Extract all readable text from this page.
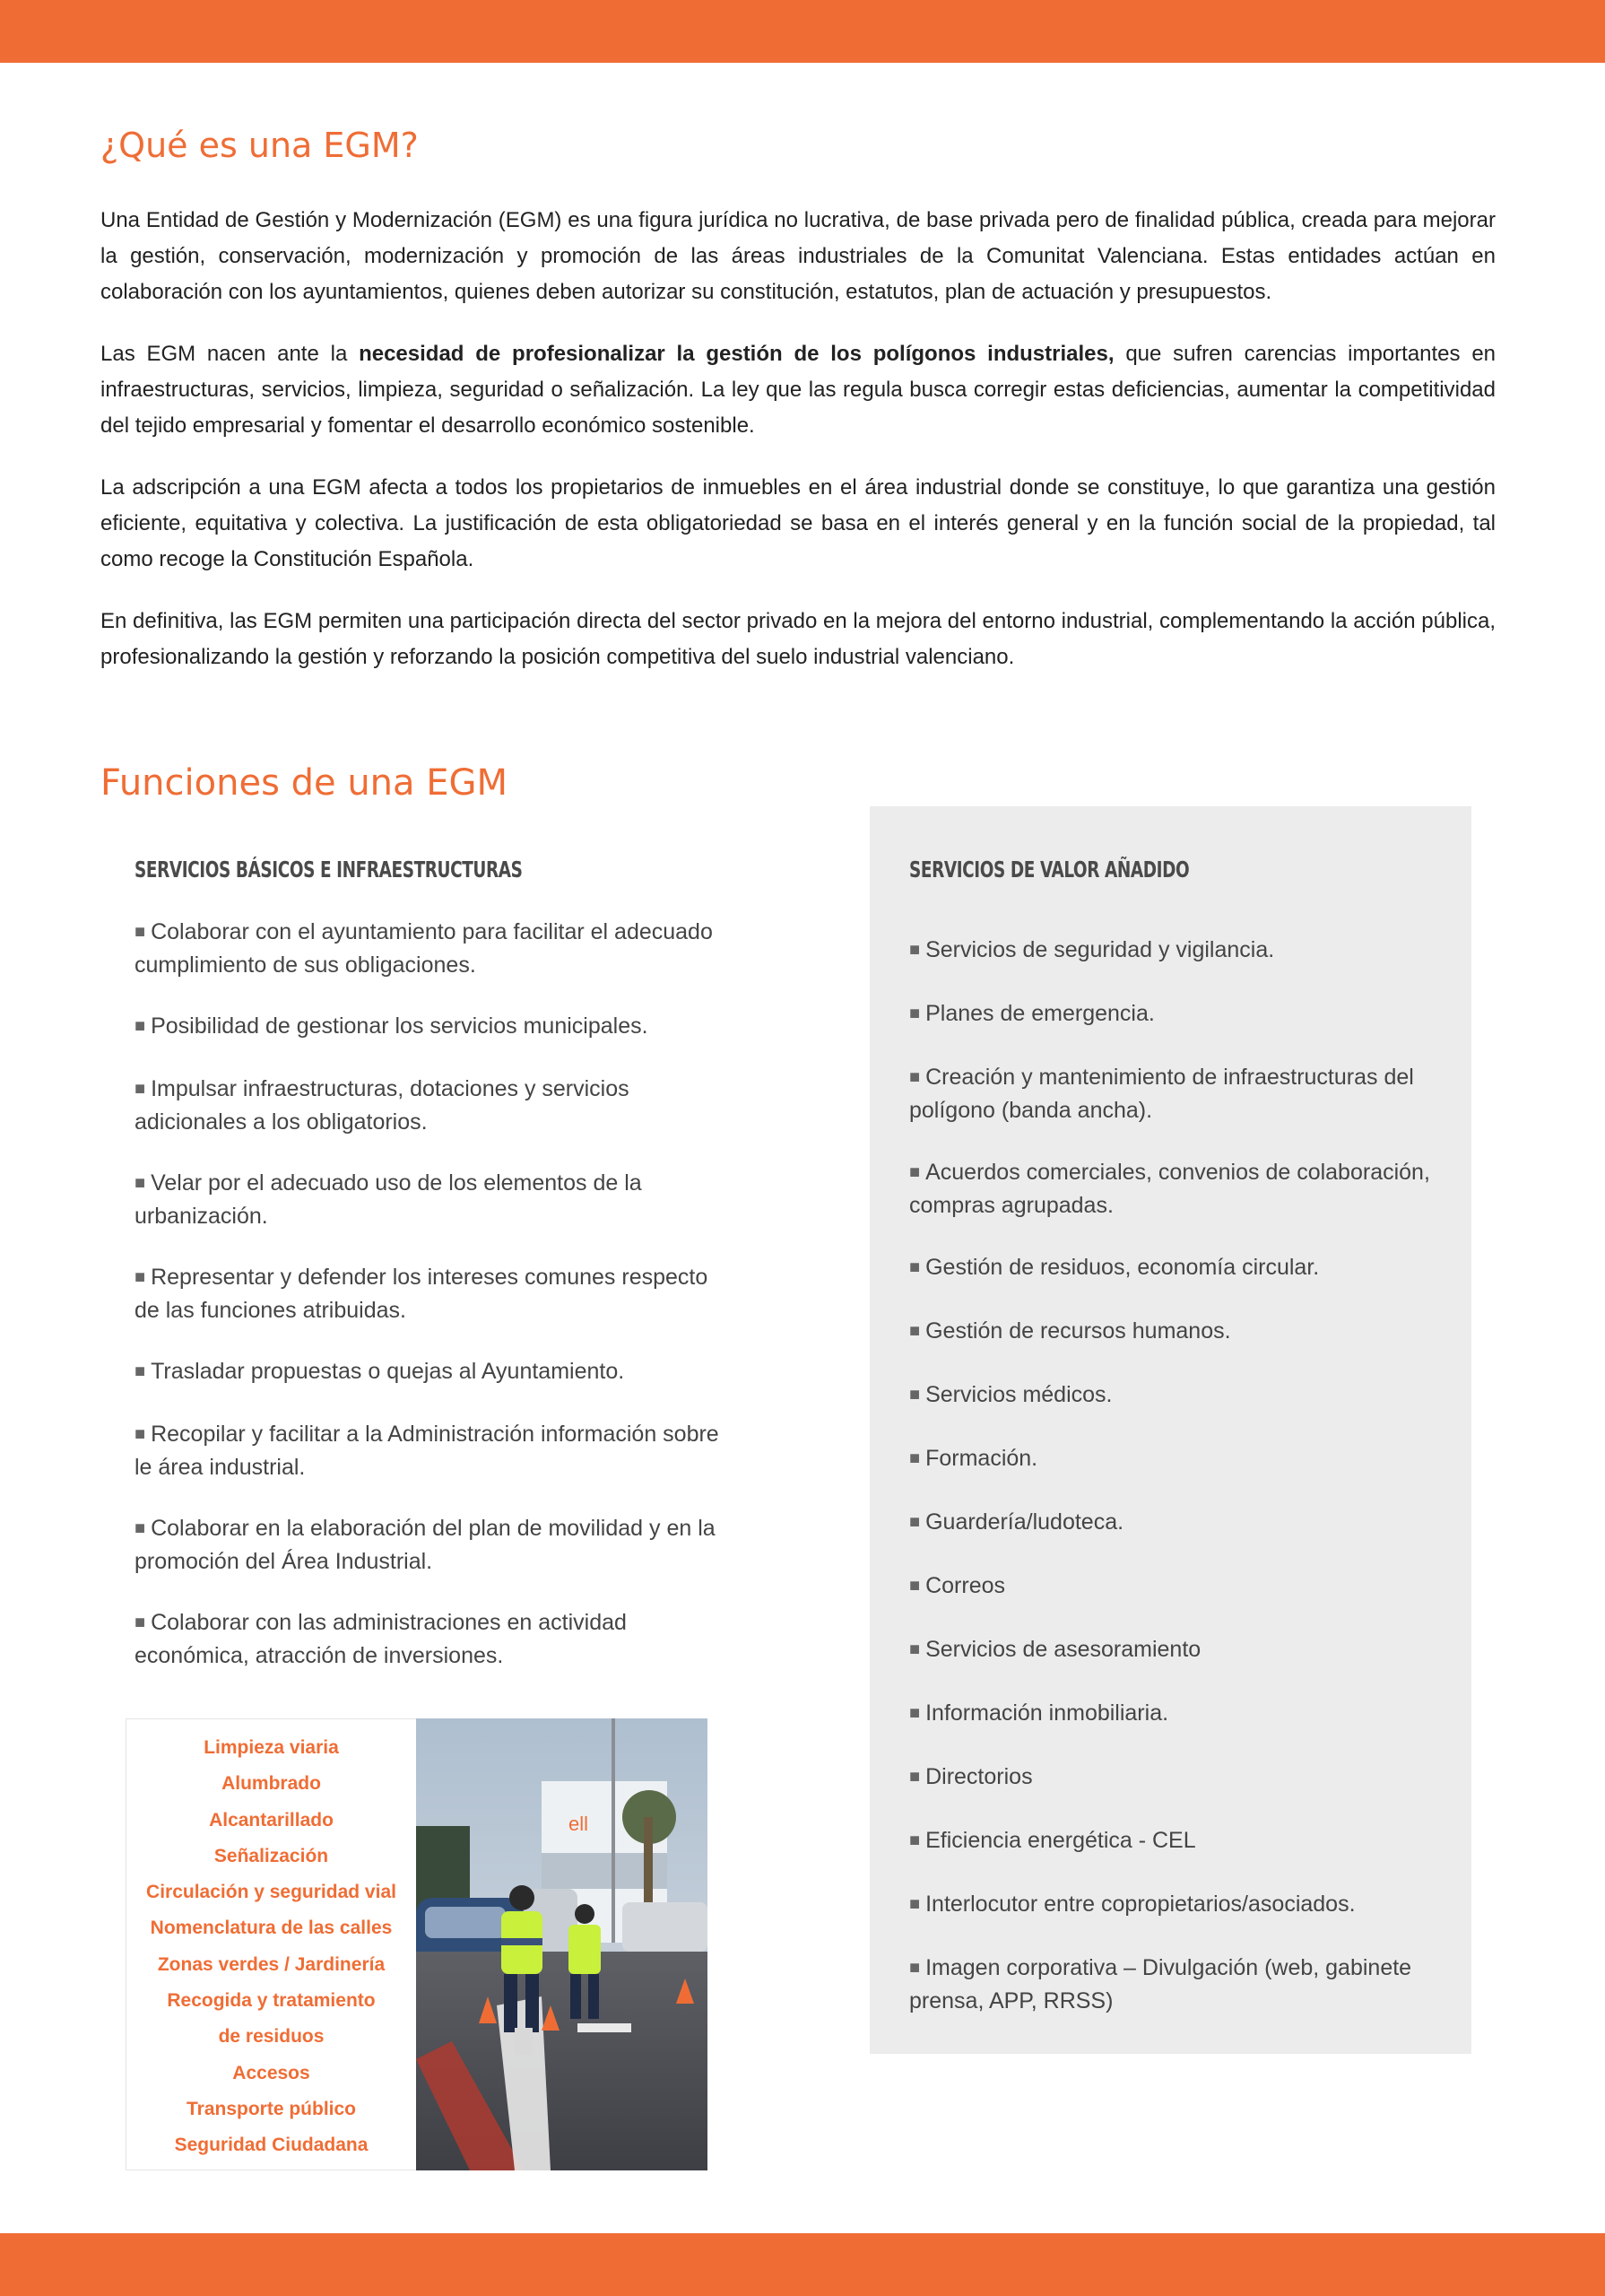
¿Qué es una EGM?

Una Entidad de Gestión y Modernización (EGM) es una figura jurídica no lucrativa, de base privada pero de finalidad pública, creada para mejorar la gestión, conservación, modernización y promoción de las áreas industriales de la Comunitat Valenciana. Estas entidades actúan en colaboración con los ayuntamientos, quienes deben autorizar su constitución, estatutos, plan de actuación y presupuestos.

Las EGM nacen ante la necesidad de profesionalizar la gestión de los polígonos industriales, que sufren carencias importantes en infraestructuras, servicios, limpieza, seguridad o señalización. La ley que las regula busca corregir estas deficiencias, aumentar la competitividad del tejido empresarial y fomentar el desarrollo económico sostenible.

La adscripción a una EGM afecta a todos los propietarios de inmuebles en el área industrial donde se constituye, lo que garantiza una gestión eficiente, equitativa y colectiva. La justificación de esta obligatoriedad se basa en el interés general y en la función social de la propiedad, tal como recoge la Constitución Española.

En definitiva, las EGM permiten una participación directa del sector privado en la mejora del entorno industrial, complementando la acción pública, profesionalizando la gestión y reforzando la posición competitiva del suelo industrial valenciano.

Funciones de una EGM
SERVICIOS BÁSICOS E INFRAESTRUCTURAS
■ Colaborar con el ayuntamiento para facilitar el adecuado cumplimiento de sus obligaciones.
■ Posibilidad de gestionar los servicios municipales.
■ Impulsar infraestructuras, dotaciones y servicios adicionales a los obligatorios.
■ Velar por el adecuado uso de los elementos de la urbanización.
■ Representar y defender los intereses comunes respecto de las funciones atribuidas.
■ Trasladar propuestas o quejas al Ayuntamiento.
■ Recopilar y facilitar a la Administración información sobre le área industrial.
■ Colaborar en la elaboración del plan de movilidad y en la promoción del Área Industrial.
■ Colaborar con las administraciones en actividad económica, atracción de inversiones.
SERVICIOS DE VALOR AÑADIDO
■ Servicios de seguridad y vigilancia.
■ Planes de emergencia.
■ Creación y mantenimiento de infraestructuras del polígono (banda ancha).
■ Acuerdos comerciales, convenios de colaboración, compras agrupadas.
■ Gestión de residuos, economía circular.
■ Gestión de recursos humanos.
■ Servicios médicos.
■ Formación.
■ Guardería/ludoteca.
■ Correos
■ Servicios de asesoramiento
■ Información inmobiliaria.
■ Directorios
■ Eficiencia energética - CEL
■ Interlocutor entre copropietarios/asociados.
■ Imagen corporativa – Divulgación (web, gabinete prensa, APP, RRSS)
Limpieza viaria
Alumbrado
Alcantarillado
Señalización
Circulación y seguridad vial
Nomenclatura de las calles
Zonas verdes / Jardinería
Recogida y tratamiento
de residuos
Accesos
Transporte público
Seguridad Ciudadana
ell
